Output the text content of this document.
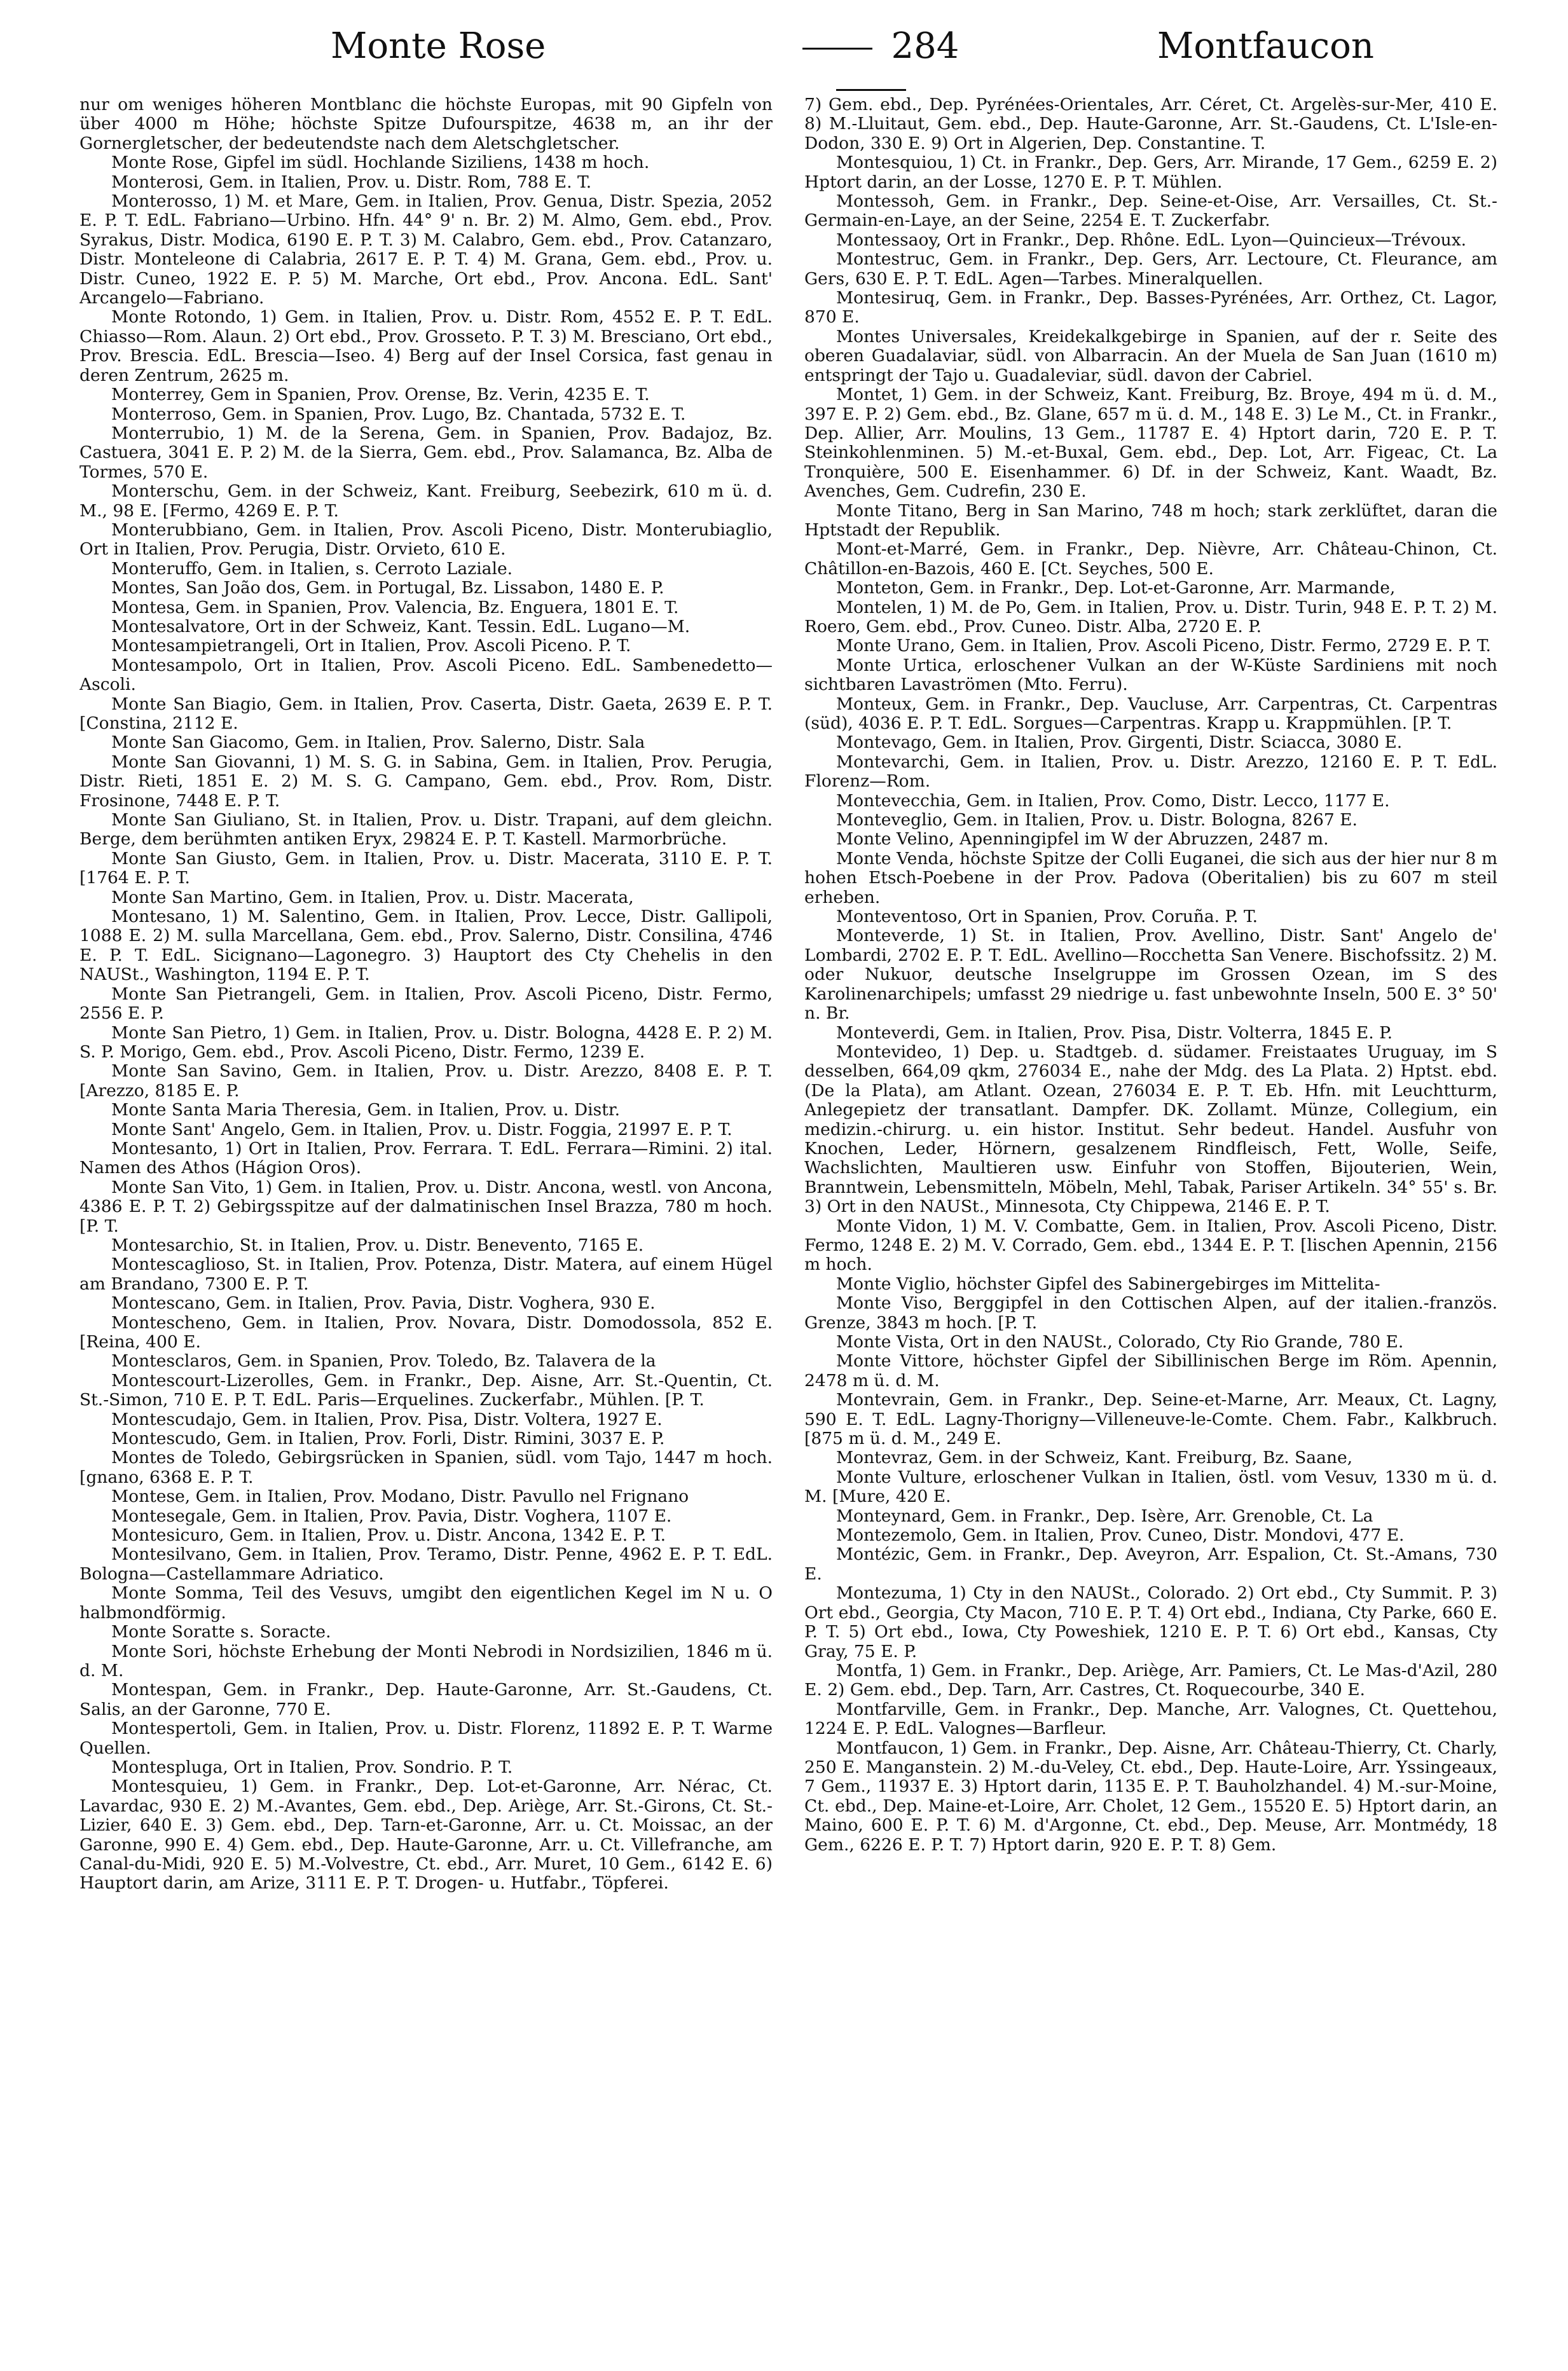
Monte Rose	284	Montfaucon

nur om weniges höheren Montblanc die höchste Europas, mit 90 Gipfeln von über 4000 m Höhe; höchste Spitze Dufourspitze, 4638 m, an ihr der Gornergletscher, der bedeutendste nach dem Aletschgletscher.

Monte Rose, Gipfel im südl. Hochlande Siziliens, 1438 m hoch.

Monterosi, Gem. in Italien, Prov. u. Distr. Rom, 788 E. T.

Monterosso, 1) M. et Mare, Gem. in Italien, Prov. Genua, Distr. Spezia, 2052 E. P. T. EdL. Fabriano—Urbino. Hfn. 44° 9' n. Br. 2) M. Almo, Gem. ebd., Prov. Syrakus, Distr. Modica, 6190 E. P. T. 3) M. Calabro, Gem. ebd., Prov. Catanzaro, Distr. Monteleone di Calabria, 2617 E. P. T. 4) M. Grana, Gem. ebd., Prov. u. Distr. Cuneo, 1922 E. P. 5) M. Marche, Ort ebd., Prov. Ancona. EdL. Sant' Arcangelo—Fabriano.

Monte Rotondo, 1) Gem. in Italien, Prov. u. Distr. Rom, 4552 E. P. T. EdL. Chiasso—Rom. Alaun. 2) Ort ebd., Prov. Grosseto. P. T. 3) M. Bresciano, Ort ebd., Prov. Brescia. EdL. Brescia—Iseo. 4) Berg auf der Insel Corsica, fast genau in deren Zentrum, 2625 m.

Monterrey, Gem in Spanien, Prov. Orense, Bz. Verin, 4235 E. T.

Monterroso, Gem. in Spanien, Prov. Lugo, Bz. Chantada, 5732 E. T.

Monterrubio, 1) M. de la Serena, Gem. in Spanien, Prov. Badajoz, Bz. Castuera, 3041 E. P. 2) M. de la Sierra, Gem. ebd., Prov. Salamanca, Bz. Alba de Tormes, 570 E.

Monterschu, Gem. in der Schweiz, Kant. Freiburg, Seebezirk, 610 m ü. d. M., 98 E. [Fermo, 4269 E. P. T.

Monterubbiano, Gem. in Italien, Prov. Ascoli Piceno, Distr. Monterubiaglio, Ort in Italien, Prov. Perugia, Distr. Orvieto, 610 E.

Monteruffo, Gem. in Italien, s. Cerroto Laziale.

Montes, San João dos, Gem. in Portugal, Bz. Lissabon, 1480 E. P.

Montesa, Gem. in Spanien, Prov. Valencia, Bz. Enguera, 1801 E. T.

Montesalvatore, Ort in der Schweiz, Kant. Tessin. EdL. Lugano—M.

Montesampietrangeli, Ort in Italien, Prov. Ascoli Piceno. P. T.

Montesampolo, Ort in Italien, Prov. Ascoli Piceno. EdL. Sambenedetto—Ascoli.

Monte San Biagio, Gem. in Italien, Prov. Caserta, Distr. Gaeta, 2639 E. P. T. [Constina, 2112 E.

Monte San Giacomo, Gem. in Italien, Prov. Salerno, Distr. Sala

Monte San Giovanni, 1) M. S. G. in Sabina, Gem. in Italien, Prov. Perugia, Distr. Rieti, 1851 E. 2) M. S. G. Campano, Gem. ebd., Prov. Rom, Distr. Frosinone, 7448 E. P. T.

Monte San Giuliano, St. in Italien, Prov. u. Distr. Trapani, auf dem gleichn. Berge, dem berühmten antiken Eryx, 29824 E. P. T. Kastell. Marmorbrüche.

Monte San Giusto, Gem. in Italien, Prov. u. Distr. Macerata, 3110 E. P. T. [1764 E. P. T.

Monte San Martino, Gem. in Italien, Prov. u. Distr. Macerata,

Montesano, 1) M. Salentino, Gem. in Italien, Prov. Lecce, Distr. Gallipoli, 1088 E. 2) M. sulla Marcellana, Gem. ebd., Prov. Salerno, Distr. Consilina, 4746 E. P. T. EdL. Sicignano—Lagonegro. 3) Hauptort des Cty Chehelis in den NAUSt., Washington, 1194 E. P. T.

Monte San Pietrangeli, Gem. in Italien, Prov. Ascoli Piceno, Distr. Fermo, 2556 E. P.

Monte San Pietro, 1) Gem. in Italien, Prov. u. Distr. Bologna, 4428 E. P. 2) M. S. P. Morigo, Gem. ebd., Prov. Ascoli Piceno, Distr. Fermo, 1239 E.

Monte San Savino, Gem. in Italien, Prov. u. Distr. Arezzo, 8408 E. P. T. [Arezzo, 8185 E. P.

Monte Santa Maria Theresia, Gem. in Italien, Prov. u. Distr.

Monte Sant' Angelo, Gem. in Italien, Prov. u. Distr. Foggia, 21997 E. P. T.

Montesanto, 1) Ort in Italien, Prov. Ferrara. T. EdL. Ferrara—Rimini. 2) ital. Namen des Athos (Hágion Oros).

Monte San Vito, 1) Gem. in Italien, Prov. u. Distr. Ancona, westl. von Ancona, 4386 E. P. T. 2) Gebirgsspitze auf der dalmatinischen Insel Brazza, 780 m hoch. [P. T.

Montesarchio, St. in Italien, Prov. u. Distr. Benevento, 7165 E.

Montescaglioso, St. in Italien, Prov. Potenza, Distr. Matera, auf einem Hügel am Brandano, 7300 E. P. T.

Montescano, Gem. in Italien, Prov. Pavia, Distr. Voghera, 930 E.

Montescheno, Gem. in Italien, Prov. Novara, Distr. Domodossola, 852 E. [Reina, 400 E.

Montesclaros, Gem. in Spanien, Prov. Toledo, Bz. Talavera de la

Montescourt-Lizerolles, Gem. in Frankr., Dep. Aisne, Arr. St.-Quentin, Ct. St.-Simon, 710 E. P. T. EdL. Paris—Erquelines. Zuckerfabr., Mühlen. [P. T.

Montescudajo, Gem. in Italien, Prov. Pisa, Distr. Voltera, 1927 E.

Montescudo, Gem. in Italien, Prov. Forli, Distr. Rimini, 3037 E. P.

Montes de Toledo, Gebirgsrücken in Spanien, südl. vom Tajo, 1447 m hoch. [gnano, 6368 E. P. T.

Montese, Gem. in Italien, Prov. Modano, Distr. Pavullo nel Frignano

Montesegale, Gem. in Italien, Prov. Pavia, Distr. Voghera, 1107 E.

Montesicuro, Gem. in Italien, Prov. u. Distr. Ancona, 1342 E. P. T.

Montesilvano, Gem. in Italien, Prov. Teramo, Distr. Penne, 4962 E. P. T. EdL. Bologna—Castellammare Adriatico.

Monte Somma, Teil des Vesuvs, umgibt den eigentlichen Kegel im N u. O halbmondförmig.

Monte Soratte s. Soracte.

Monte Sori, höchste Erhebung der Monti Nebrodi in Nordsizilien, 1846 m ü. d. M.

Montespan, Gem. in Frankr., Dep. Haute-Garonne, Arr. St.-Gaudens, Ct. Salis, an der Garonne, 770 E.

Montespertoli, Gem. in Italien, Prov. u. Distr. Florenz, 11892 E. P. T. Warme Quellen.

Montespluga, Ort in Italien, Prov. Sondrio. P. T.

Montesquieu, 1) Gem. in Frankr., Dep. Lot-et-Garonne, Arr. Nérac, Ct. Lavardac, 930 E. 2) M.-Avantes, Gem. ebd., Dep. Ariège, Arr. St.-Girons, Ct. St.-Lizier, 640 E. 3) Gem. ebd., Dep. Tarn-et-Garonne, Arr. u. Ct. Moissac, an der Garonne, 990 E. 4) Gem. ebd., Dep. Haute-Garonne, Arr. u. Ct. Villefranche, am Canal-du-Midi, 920 E. 5) M.-Volvestre, Ct. ebd., Arr. Muret, 10 Gem., 6142 E. 6) Hauptort darin, am Arize, 3111 E. P. T. Drogen- u. Hutfabr., Töpferei.

7) Gem. ebd., Dep. Pyrénées-Orientales, Arr. Céret, Ct. Argelès-sur-Mer, 410 E. 8) M.-Lluitaut, Gem. ebd., Dep. Haute-Garonne, Arr. St.-Gaudens, Ct. L'Isle-en-Dodon, 330 E. 9) Ort in Algerien, Dep. Constantine. T.

Montesquiou, 1) Ct. in Frankr., Dep. Gers, Arr. Mirande, 17 Gem., 6259 E. 2) Hptort darin, an der Losse, 1270 E. P. T. Mühlen.

Montessoh, Gem. in Frankr., Dep. Seine-et-Oise, Arr. Versailles, Ct. St.-Germain-en-Laye, an der Seine, 2254 E. T. Zuckerfabr.

Montessaoy, Ort in Frankr., Dep. Rhône. EdL. Lyon—Quincieux—Trévoux.

Montestruc, Gem. in Frankr., Dep. Gers, Arr. Lectoure, Ct. Fleurance, am Gers, 630 E. P. T. EdL. Agen—Tarbes. Mineralquellen.

Montesiruq, Gem. in Frankr., Dep. Basses-Pyrénées, Arr. Orthez, Ct. Lagor, 870 E.

Montes Universales, Kreidekalkgebirge in Spanien, auf der r. Seite des oberen Guadalaviar, südl. von Albarracin. An der Muela de San Juan (1610 m) entspringt der Tajo u. Guadaleviar, südl. davon der Cabriel.

Montet, 1) Gem. in der Schweiz, Kant. Freiburg, Bz. Broye, 494 m ü. d. M., 397 E. P. 2) Gem. ebd., Bz. Glane, 657 m ü. d. M., 148 E. 3) Le M., Ct. in Frankr., Dep. Allier, Arr. Moulins, 13 Gem., 11787 E. 4) Hptort darin, 720 E. P. T. Steinkohlenminen. 5) M.-et-Buxal, Gem. ebd., Dep. Lot, Arr. Figeac, Ct. La Tronquière, 500 E. Eisenhammer. 6) Df. in der Schweiz, Kant. Waadt, Bz. Avenches, Gem. Cudrefin, 230 E.

Monte Titano, Berg in San Marino, 748 m hoch; stark zerklüftet, daran die Hptstadt der Republik.

Mont-et-Marré, Gem. in Frankr., Dep. Nièvre, Arr. Château-Chinon, Ct. Châtillon-en-Bazois, 460 E. [Ct. Seyches, 500 E.

Monteton, Gem. in Frankr., Dep. Lot-et-Garonne, Arr. Marmande,

Montelen, 1) M. de Po, Gem. in Italien, Prov. u. Distr. Turin, 948 E. P. T. 2) M. Roero, Gem. ebd., Prov. Cuneo. Distr. Alba, 2720 E. P.

Monte Urano, Gem. in Italien, Prov. Ascoli Piceno, Distr. Fermo, 2729 E. P. T.

Monte Urtica, erloschener Vulkan an der W-Küste Sardiniens mit noch sichtbaren Lavaströmen (Mto. Ferru).

Monteux, Gem. in Frankr., Dep. Vaucluse, Arr. Carpentras, Ct. Carpentras (süd), 4036 E. P. T. EdL. Sorgues—Carpentras. Krapp u. Krappmühlen. [P. T.

Montevago, Gem. in Italien, Prov. Girgenti, Distr. Sciacca, 3080 E.

Montevarchi, Gem. in Italien, Prov. u. Distr. Arezzo, 12160 E. P. T. EdL. Florenz—Rom.

Montevecchia, Gem. in Italien, Prov. Como, Distr. Lecco, 1177 E.

Monteveglio, Gem. in Italien, Prov. u. Distr. Bologna, 8267 E.

Monte Velino, Apenningipfel im W der Abruzzen, 2487 m.

Monte Venda, höchste Spitze der Colli Euganei, die sich aus der hier nur 8 m hohen Etsch-Poebene in der Prov. Padova (Oberitalien) bis zu 607 m steil erheben.

Monteventoso, Ort in Spanien, Prov. Coruña. P. T.

Monteverde, 1) St. in Italien, Prov. Avellino, Distr. Sant' Angelo de' Lombardi, 2702 E. P. T. EdL. Avellino—Rocchetta San Venere. Bischofssitz. 2) M. oder Nukuor, deutsche Inselgruppe im Grossen Ozean, im S des Karolinenarchipels; umfasst 29 niedrige u. fast unbewohnte Inseln, 500 E. 3° 50' n. Br.

Monteverdi, Gem. in Italien, Prov. Pisa, Distr. Volterra, 1845 E. P.

Montevideo, 1) Dep. u. Stadtgeb. d. südamer. Freistaates Uruguay, im S desselben, 664,09 qkm, 276034 E., nahe der Mdg. des La Plata. 2) Hptst. ebd. (De la Plata), am Atlant. Ozean, 276034 E. P. T. Eb. Hfn. mit Leuchtturm, Anlegepietz der transatlant. Dampfer. DK. Zollamt. Münze, Collegium, ein medizin.-chirurg. u. ein histor. Institut. Sehr bedeut. Handel. Ausfuhr von Knochen, Leder, Hörnern, gesalzenem Rindfleisch, Fett, Wolle, Seife, Wachslichten, Maultieren usw. Einfuhr von Stoffen, Bijouterien, Wein, Branntwein, Lebensmitteln, Möbeln, Mehl, Tabak, Pariser Artikeln. 34° 55' s. Br. 3) Ort in den NAUSt., Minnesota, Cty Chippewa, 2146 E. P. T.

Monte Vidon, 1) M. V. Combatte, Gem. in Italien, Prov. Ascoli Piceno, Distr. Fermo, 1248 E. 2) M. V. Corrado, Gem. ebd., 1344 E. P. T. [lischen Apennin, 2156 m hoch.

Monte Viglio, höchster Gipfel des Sabinergebirges im Mittelita-

Monte Viso, Berggipfel in den Cottischen Alpen, auf der italien.-französ. Grenze, 3843 m hoch. [P. T.

Monte Vista, Ort in den NAUSt., Colorado, Cty Rio Grande, 780 E.

Monte Vittore, höchster Gipfel der Sibillinischen Berge im Röm. Apennin, 2478 m ü. d. M.

Montevrain, Gem. in Frankr., Dep. Seine-et-Marne, Arr. Meaux, Ct. Lagny, 590 E. T. EdL. Lagny-Thorigny—Villeneuve-le-Comte. Chem. Fabr., Kalkbruch. [875 m ü. d. M., 249 E.

Montevraz, Gem. in der Schweiz, Kant. Freiburg, Bz. Saane,

Monte Vulture, erloschener Vulkan in Italien, östl. vom Vesuv, 1330 m ü. d. M. [Mure, 420 E.

Monteynard, Gem. in Frankr., Dep. Isère, Arr. Grenoble, Ct. La

Montezemolo, Gem. in Italien, Prov. Cuneo, Distr. Mondovi, 477 E.

Montézic, Gem. in Frankr., Dep. Aveyron, Arr. Espalion, Ct. St.-Amans, 730 E.

Montezuma, 1) Cty in den NAUSt., Colorado. 2) Ort ebd., Cty Summit. P. 3) Ort ebd., Georgia, Cty Macon, 710 E. P. T. 4) Ort ebd., Indiana, Cty Parke, 660 E. P. T. 5) Ort ebd., Iowa, Cty Poweshiek, 1210 E. P. T. 6) Ort ebd., Kansas, Cty Gray, 75 E. P.

Montfa, 1) Gem. in Frankr., Dep. Ariège, Arr. Pamiers, Ct. Le Mas-d'Azil, 280 E. 2) Gem. ebd., Dep. Tarn, Arr. Castres, Ct. Roquecourbe, 340 E.

Montfarville, Gem. in Frankr., Dep. Manche, Arr. Valognes, Ct. Quettehou, 1224 E. P. EdL. Valognes—Barfleur.

Montfaucon, 1) Gem. in Frankr., Dep. Aisne, Arr. Château-Thierry, Ct. Charly, 250 E. Manganstein. 2) M.-du-Veley, Ct. ebd., Dep. Haute-Loire, Arr. Yssingeaux, 7 Gem., 11937 E. 3) Hptort darin, 1135 E. P. T. Bauholzhandel. 4) M.-sur-Moine, Ct. ebd., Dep. Maine-et-Loire, Arr. Cholet, 12 Gem., 15520 E. 5) Hptort darin, an Maino, 600 E. P. T. 6) M. d'Argonne, Ct. ebd., Dep. Meuse, Arr. Montmédy, 18 Gem., 6226 E. P. T. 7) Hptort darin, 920 E. P. T. 8) Gem.
